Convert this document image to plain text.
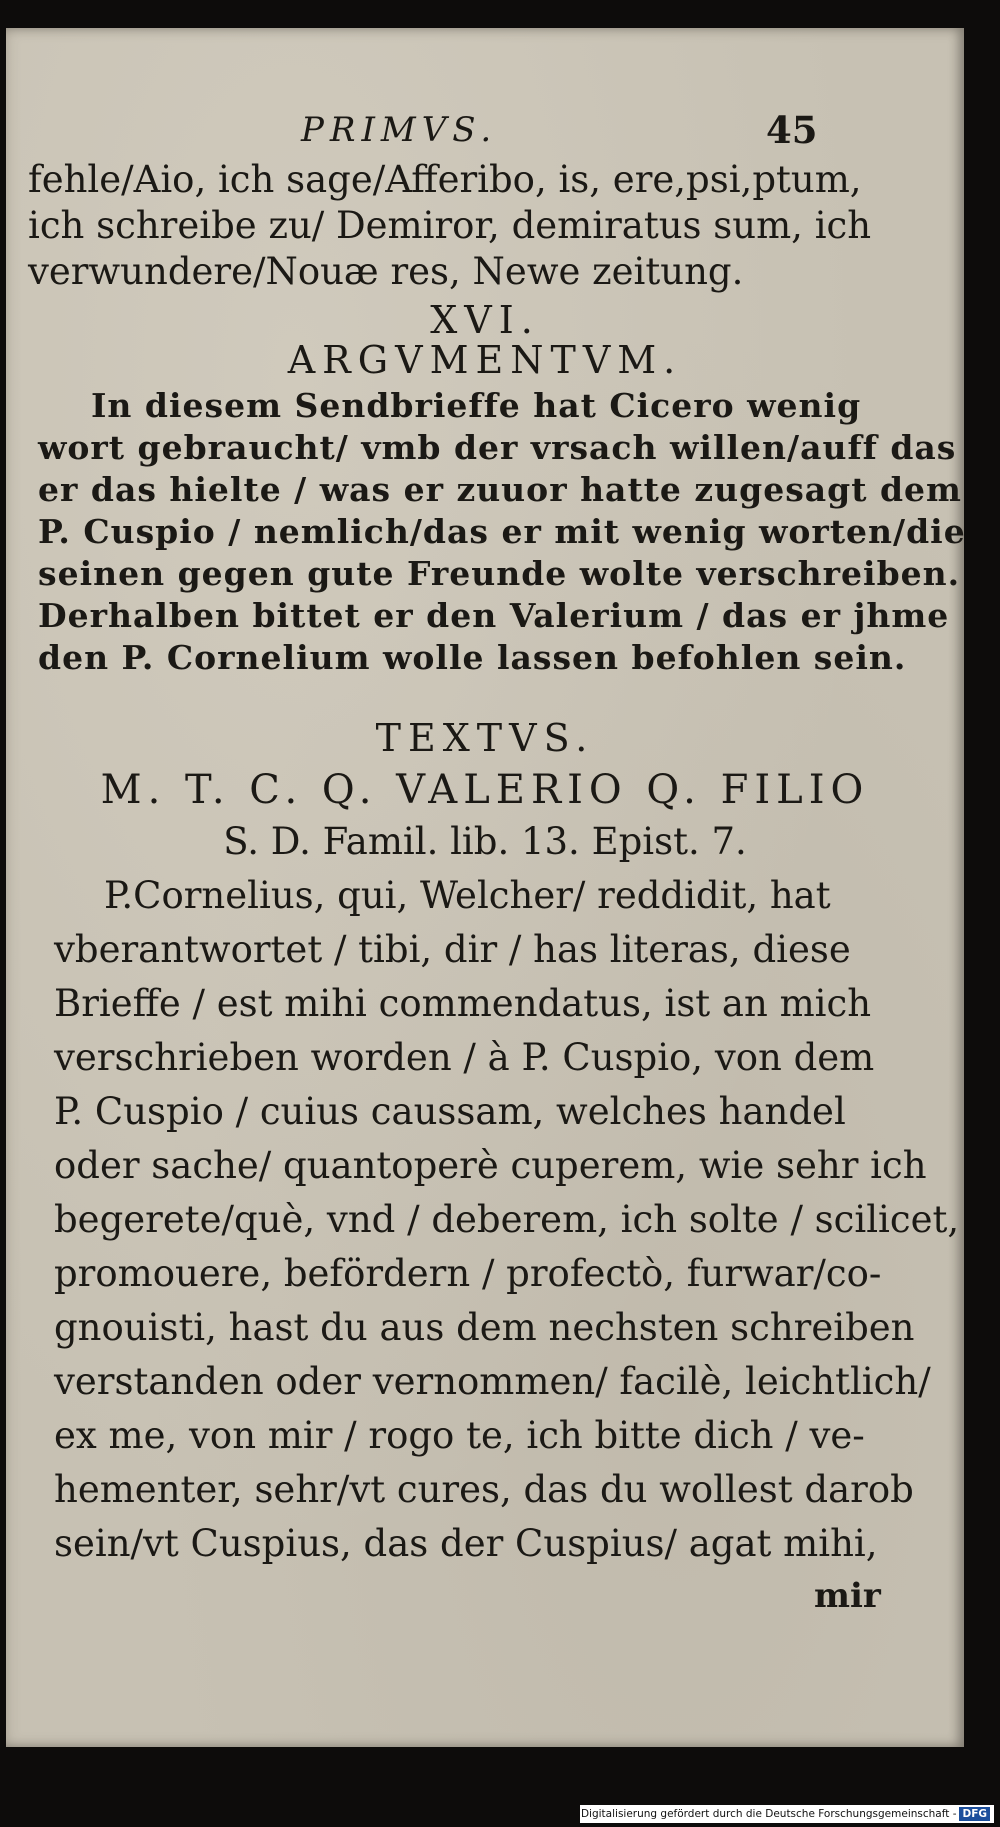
PRIMVS.	45
fehle/Aio, ich sage/Afferibo, is, ere,psi,ptum,
ich schreibe zu/ Demiror, demiratus sum, ich
verwundere/Nouæ res, Newe zeitung.
XVI.
ARGVMENTVM.
In diesem Sendbrieffe hat Cicero wenig
wort gebraucht/ vmb der vrsach willen/auff das
er das hielte / was er zuuor hatte zugesagt dem
P. Cuspio / nemlich/das er mit wenig worten/die
seinen gegen gute Freunde wolte verschreiben.
Derhalben bittet er den Valerium / das er jhme
den P. Cornelium wolle lassen befohlen sein.
TEXTVS.
M. T. C. Q. VALERIO Q. FILIO
S. D. Famil. lib. 13. Epist. 7.
P.Cornelius, qui, Welcher/ reddidit, hat
vberantwortet / tibi, dir / has literas, diese
Brieffe / est mihi commendatus, ist an mich
verschrieben worden / à P. Cuspio, von dem
P. Cuspio / cuius caussam, welches handel
oder sache/ quantoperè cuperem, wie sehr ich
begerete/què, vnd / deberem, ich solte / scilicet,
promouere, befördern / profectò, furwar/co-
gnouisti, hast du aus dem nechsten schreiben
verstanden oder vernommen/ facilè, leichtlich/
ex me, von mir / rogo te, ich bitte dich / ve-
hementer, sehr/vt cures, das du wollest darob
sein/vt Cuspius, das der Cuspius/ agat mihi,
mir
Digitalisierung gefördert durch die Deutsche Forschungsgemeinschaft - DFG
